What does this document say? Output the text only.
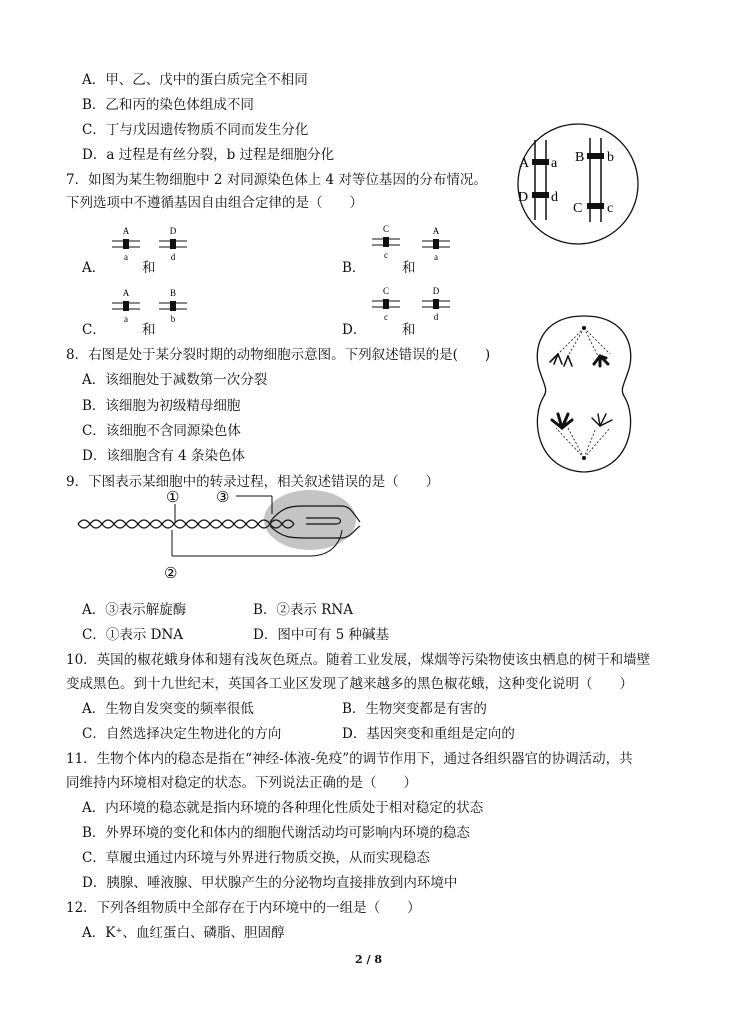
A．甲、乙、戊中的蛋白质完全不相同
B．乙和丙的染色体组成不同
C．丁与戊因遗传物质不同而发生分化
D．a 过程是有丝分裂，b 过程是细胞分化
7．如图为某生物细胞中 2 对同源染色体上 4 对等位基因的分布情况。
下列选项中不遵循基因自由组合定律的是（　　）
A a
D d
B b
C c
A．
A
a
和
D
d
B．
C
c
和
A
a
C．
A
a
和
B
b
D．
C
c
和
D
d
8．右图是处于某分裂时期的动物细胞示意图。下列叙述错误的是(　　)
A．该细胞处于减数第一次分裂
B．该细胞为初级精母细胞
C．该细胞不含同源染色体
D．该细胞含有 4 条染色体
9．下图表示某细胞中的转录过程，相关叙述错误的是（　　）
①
②
③
A．③表示解旋酶	B．②表示 RNA
C．①表示 DNA	D．图中可有 5 种碱基
10．英国的椒花蛾身体和翅有浅灰色斑点。随着工业发展，煤烟等污染物使该虫栖息的树干和墙壁
变成黑色。到十九世纪末，英国各工业区发现了越来越多的黑色椒花蛾，这种变化说明（　　）
A．生物自发突变的频率很低	B．生物突变都是有害的
C．自然选择决定生物进化的方向	D．基因突变和重组是定向的
11．生物个体内的稳态是指在“神经-体液-免疫”的调节作用下，通过各组织器官的协调活动，共
同维持内环境相对稳定的状态。下列说法正确的是（　　）
A．内环境的稳态就是指内环境的各种理化性质处于相对稳定的状态
B．外界环境的变化和体内的细胞代谢活动均可影响内环境的稳态
C．草履虫通过内环境与外界进行物质交换，从而实现稳态
D．胰腺、唾液腺、甲状腺产生的分泌物均直接排放到内环境中
12．下列各组物质中全部存在于内环境中的一组是（　　）
A．K⁺、血红蛋白、磷脂、胆固醇
2 / 8
